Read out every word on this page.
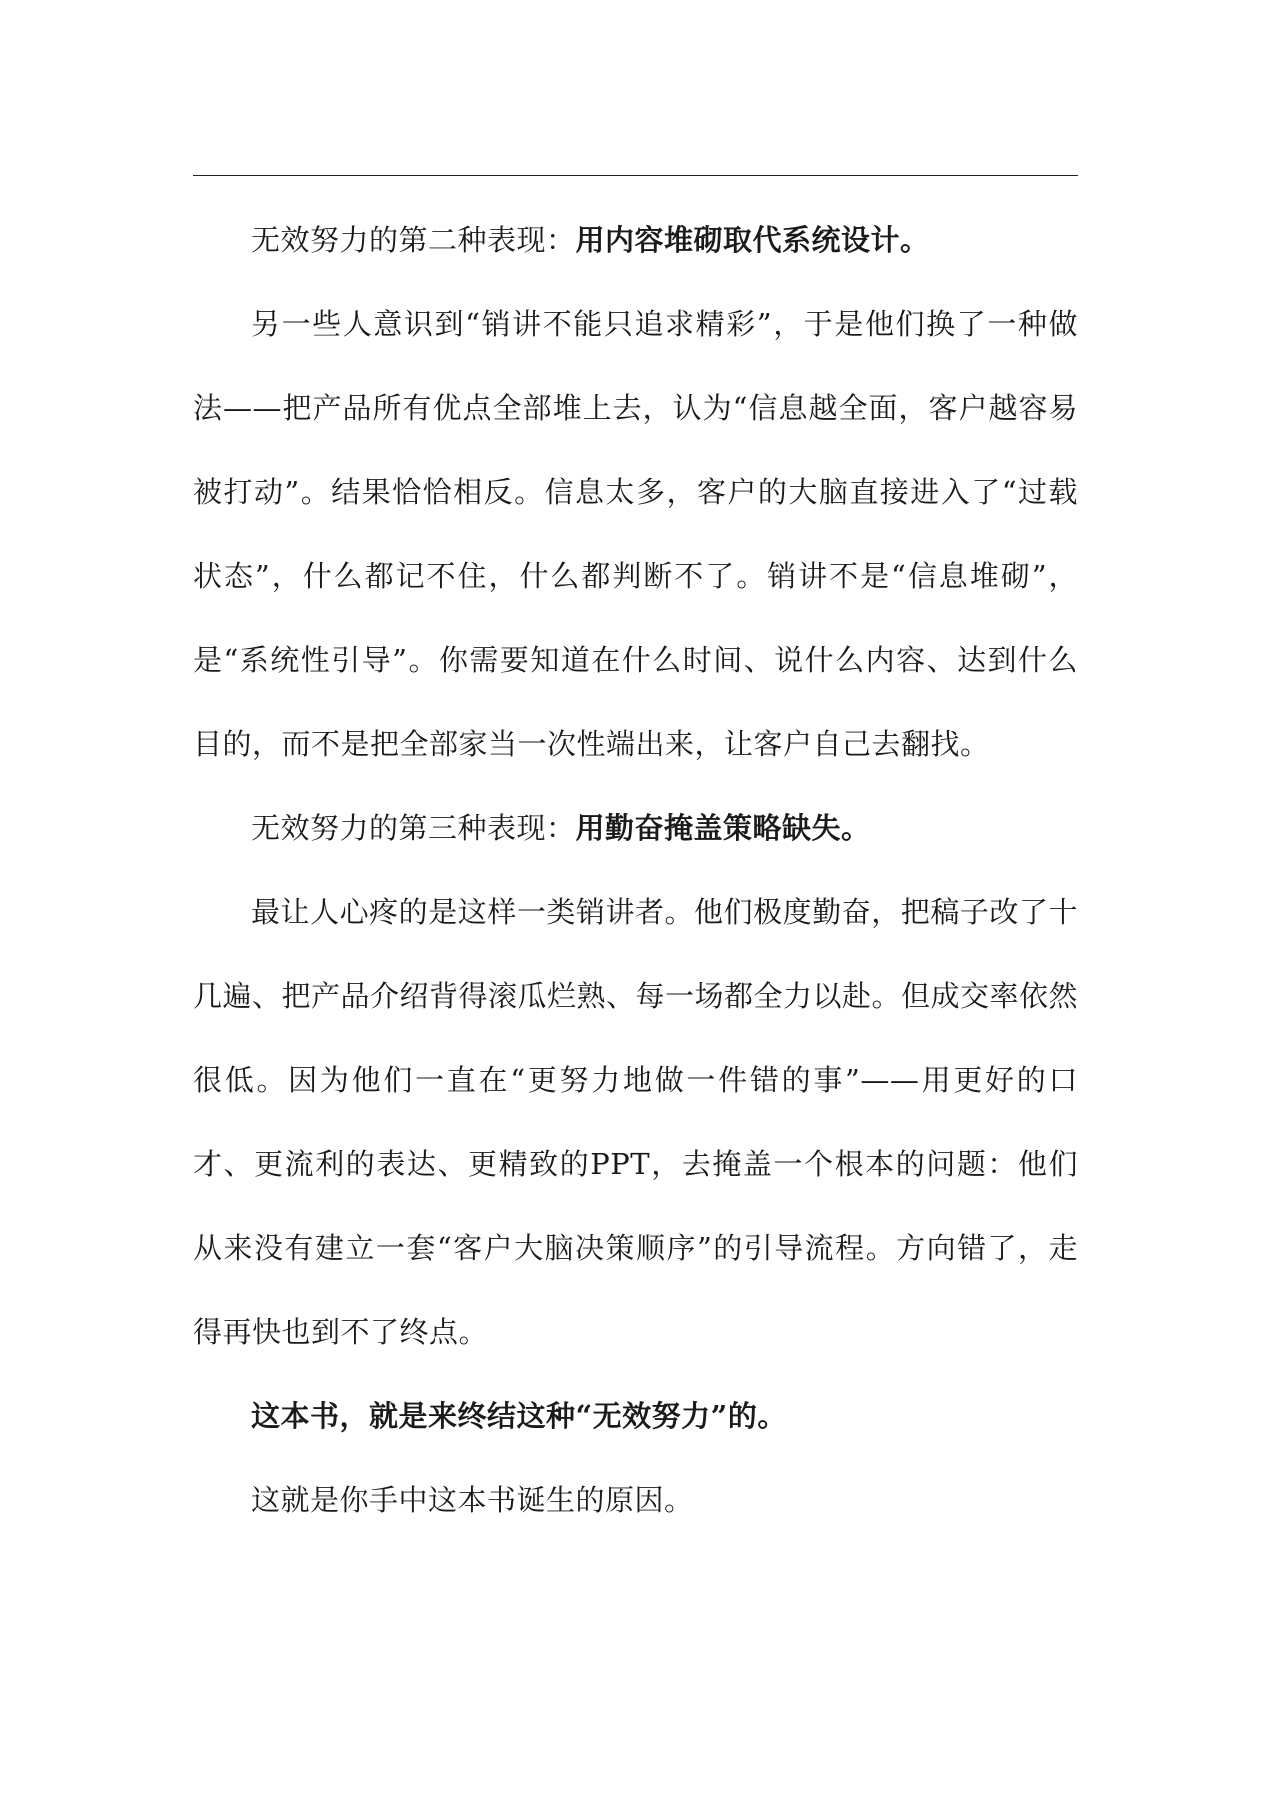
无效努力的第二种表现：用内容堆砌取代系统设计。

另一些人意识到“销讲不能只追求精彩”，于是他们换了一种做法——把产品所有优点全部堆上去，认为“信息越全面，客户越容易被打动”。结果恰恰相反。信息太多，客户的大脑直接进入了“过载状态”，什么都记不住，什么都判断不了。销讲不是“信息堆砌”，是“系统性引导”。你需要知道在什么时间、说什么内容、达到什么目的，而不是把全部家当一次性端出来，让客户自己去翻找。

无效努力的第三种表现：用勤奋掩盖策略缺失。

最让人心疼的是这样一类销讲者。他们极度勤奋，把稿子改了十几遍、把产品介绍背得滚瓜烂熟、每一场都全力以赴。但成交率依然很低。因为他们一直在“更努力地做一件错的事”——用更好的口才、更流利的表达、更精致的PPT，去掩盖一个根本的问题：他们从来没有建立一套“客户大脑决策顺序”的引导流程。方向错了，走得再快也到不了终点。

这本书，就是来终结这种“无效努力”的。

这就是你手中这本书诞生的原因。
